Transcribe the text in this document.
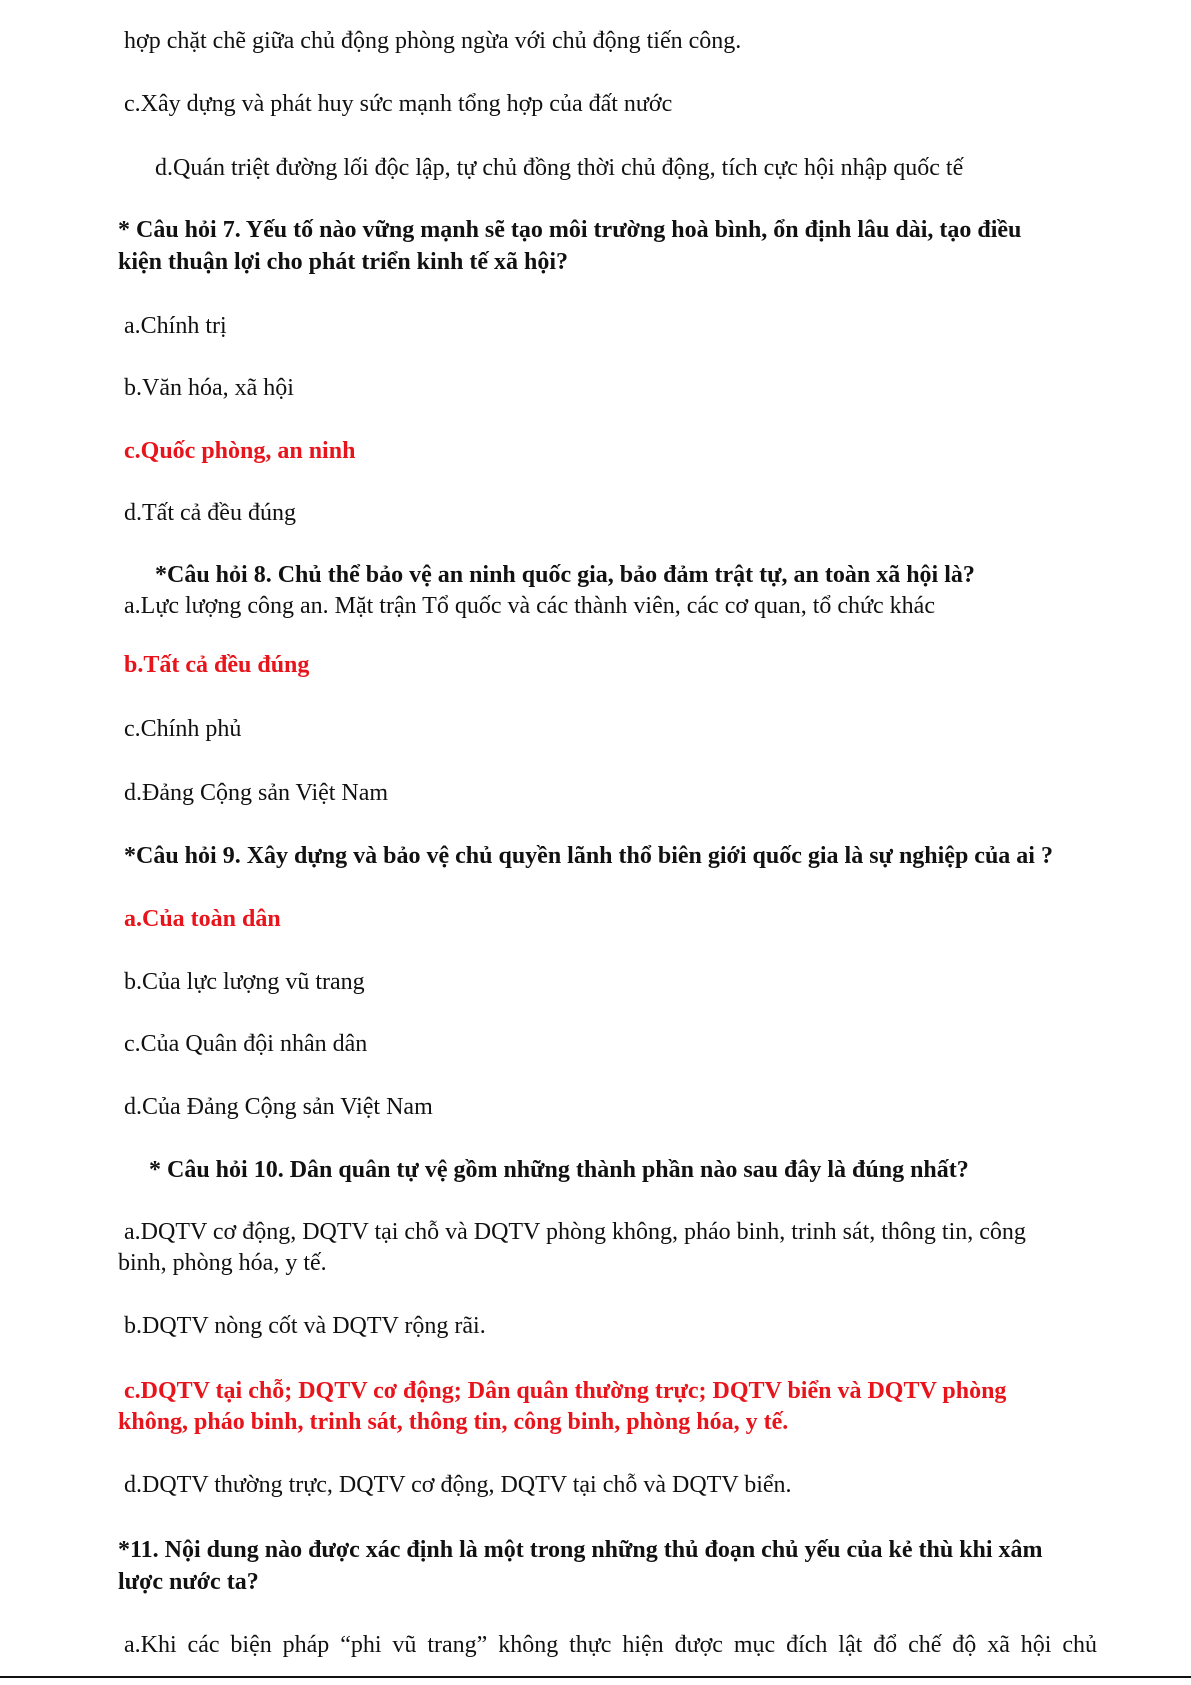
hợp chặt chẽ giữa chủ động phòng ngừa với chủ động tiến công.
c.Xây dựng và phát huy sức mạnh tổng hợp của đất nước
d.Quán triệt đường lối độc lập, tự chủ đồng thời chủ động, tích cực hội nhập quốc tế
* Câu hỏi 7. Yếu tố nào vững mạnh sẽ tạo môi trường hoà bình, ổn định lâu dài, tạo điều
kiện thuận lợi cho phát triển kinh tế xã hội?
a.Chính trị
b.Văn hóa, xã hội
c.Quốc phòng, an ninh
d.Tất cả đều đúng
*Câu hỏi 8. Chủ thể bảo vệ an ninh quốc gia, bảo đảm trật tự, an toàn xã hội là?
a.Lực lượng công an. Mặt trận Tổ quốc và các thành viên, các cơ quan, tổ chức khác
b.Tất cả đều đúng
c.Chính phủ
d.Đảng Cộng sản Việt Nam
*Câu hỏi 9. Xây dựng và bảo vệ chủ quyền lãnh thổ biên giới quốc gia là sự nghiệp của ai ?
a.Của toàn dân
b.Của lực lượng vũ trang
c.Của Quân đội nhân dân
d.Của Đảng Cộng sản Việt Nam
* Câu hỏi 10. Dân quân tự vệ gồm những thành phần nào sau đây là đúng nhất?
a.DQTV cơ động, DQTV tại chỗ và DQTV phòng không, pháo binh, trinh sát, thông tin, công
binh, phòng hóa, y tế.
b.DQTV nòng cốt và DQTV rộng rãi.
c.DQTV tại chỗ; DQTV cơ động; Dân quân thường trực; DQTV biển và DQTV phòng
không, pháo binh, trinh sát, thông tin, công binh, phòng hóa, y tế.
d.DQTV thường trực, DQTV cơ động, DQTV tại chỗ và DQTV biển.
*11. Nội dung nào được xác định là một trong những thủ đoạn chủ yếu của kẻ thù khi xâm
lược nước ta?
a.Khi các biện pháp “phi vũ trang” không thực hiện được mục đích lật đổ chế độ xã hội chủ
